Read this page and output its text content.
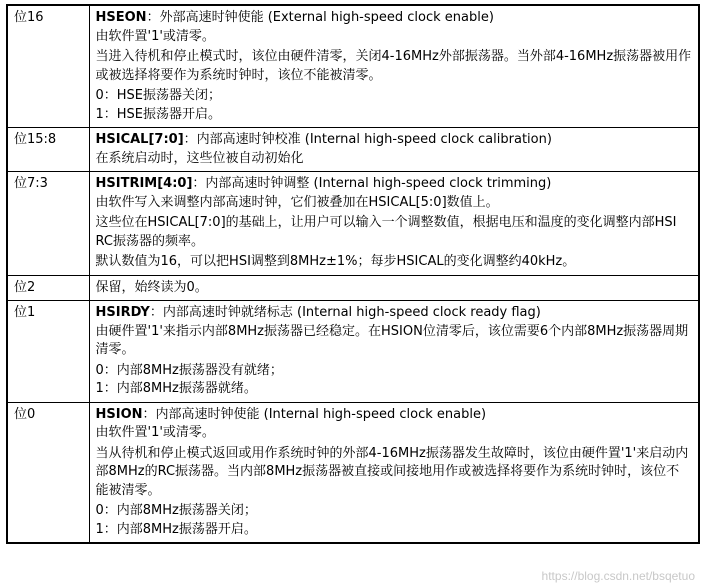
位16	HSEON：外部高速时钟使能 (External high-speed clock enable)
由软件置'1'或清零。
当进入待机和停止模式时，该位由硬件清零，关闭4-16MHz外部振荡器。当外部4-16MHz振荡器被用作或被选择将要作为系统时钟时，该位不能被清零。
0：HSE振荡器关闭；
1：HSE振荡器开启。

位15:8	HSICAL[7:0]：内部高速时钟校准 (Internal high-speed clock calibration)
在系统启动时，这些位被自动初始化

位7:3	HSITRIM[4:0]：内部高速时钟调整 (Internal high-speed clock trimming)
由软件写入来调整内部高速时钟，它们被叠加在HSICAL[5:0]数值上。
这些位在HSICAL[7:0]的基础上，让用户可以输入一个调整数值，根据电压和温度的变化调整内部HSI RC振荡器的频率。
默认数值为16，可以把HSI调整到8MHz±1%；每步HSICAL的变化调整约40kHz。

位2	保留，始终读为0。

位1	HSIRDY：内部高速时钟就绪标志 (Internal high-speed clock ready flag)
由硬件置'1'来指示内部8MHz振荡器已经稳定。在HSION位清零后，该位需要6个内部8MHz振荡器周期清零。
0：内部8MHz振荡器没有就绪；
1：内部8MHz振荡器就绪。

位0	HSION：内部高速时钟使能 (Internal high-speed clock enable)
由软件置'1'或清零。
当从待机和停止模式返回或用作系统时钟的外部4-16MHz振荡器发生故障时，该位由硬件置'1'来启动内部8MHz的RC振荡器。当内部8MHz振荡器被直接或间接地用作或被选择将要作为系统时钟时，该位不能被清零。
0：内部8MHz振荡器关闭；
1：内部8MHz振荡器开启。
https://blog.csdn.net/bsqetuo
